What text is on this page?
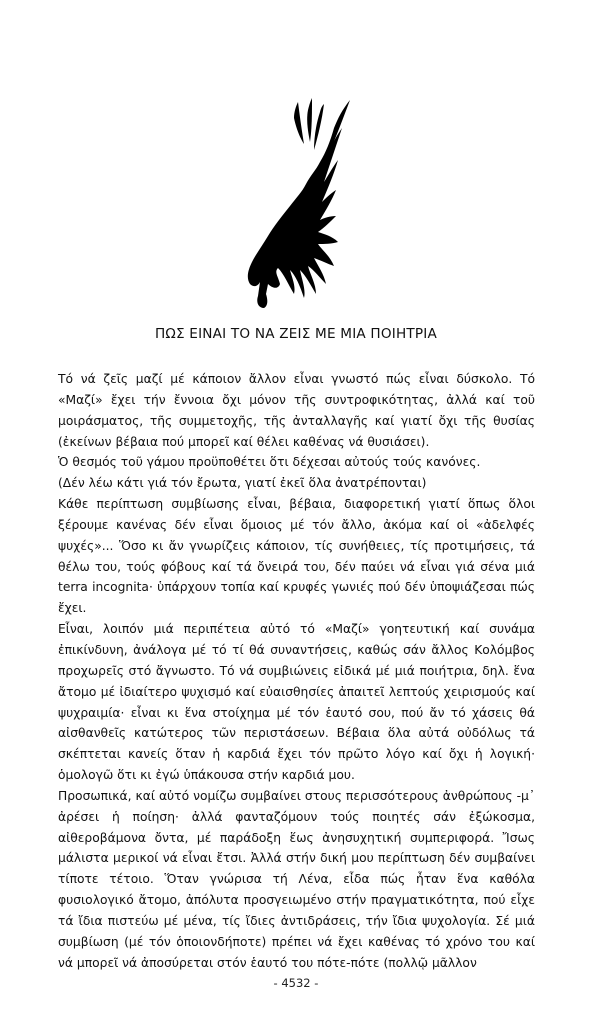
ΠΩΣ ΕΙΝΑΙ ΤΟ ΝΑ ΖΕΙΣ ΜΕ ΜΙΑ ΠΟΙΗΤΡΙΑ

Τό νά ζεῖς μαζί μέ κάποιον ἄλλον εἶναι γνωστό πώς εἶναι δύσκολο. Τό «Μαζί» ἔχει τήν ἔννοια ὄχι μόνον τῆς συντροφικότητας, ἀλλά καί τοῦ μοιράσματος, τῆς συμμετοχῆς, τῆς ἀνταλλαγῆς καί γιατί ὄχι τῆς θυσίας (ἐκείνων βέβαια πού μπορεῖ καί θέλει καθένας νά θυσιάσει).

Ὁ θεσμός τοῦ γάμου προϋποθέτει ὅτι δέχεσαι αὐτούς τούς κανόνες.

(Δέν λέω κάτι γιά τόν ἔρωτα, γιατί ἐκεῖ ὅλα ἀνατρέπονται)

Κάθε περίπτωση συμβίωσης εἶναι, βέβαια, διαφορετική γιατί ὅπως ὅλοι ξέρουμε κανένας δέν εἶναι ὅμοιος μέ τόν ἄλλο, ἀκόμα καί οἱ «ἀδελφές ψυχές»... Ὅσο κι ἄν γνωρίζεις κάποιον, τίς συνήθειες, τίς προτιμήσεις, τά θέλω του, τούς φόβους καί τά ὄνειρά του, δέν παύει νά εἶναι γιά σένα μιά terra incognita· ὑπάρχουν τοπία καί κρυφές γωνιές πού δέν ὑποψιάζεσαι πώς ἔχει.

Εἶναι, λοιπόν μιά περιπέτεια αὐτό τό «Μαζί» γοητευτική καί συνάμα ἐπικίνδυνη, ἀνάλογα μέ τό τί θά συναντήσεις, καθώς σάν ἄλλος Κολόμβος προχωρεῖς στό ἄγνωστο. Τό νά συμβιώνεις εἰδικά μέ μιά ποιήτρια, δηλ. ἕνα ἄτομο μέ ἰδιαίτερο ψυχισμό καί εὐαισθησίες ἀπαιτεῖ λεπτούς χειρισμούς καί ψυχραιμία· εἶναι κι ἕνα στοίχημα μέ τόν ἑαυτό σου, πού ἄν τό χάσεις θά αἰσθανθεῖς κατώτερος τῶν περιστάσεων. Βέβαια ὅλα αὐτά οὐδόλως τά σκέπτεται κανείς ὅταν ἡ καρδιά ἔχει τόν πρῶτο λόγο καί ὄχι ἡ λογική· ὁμολογῶ ὅτι κι ἐγώ ὑπάκουσα στήν καρδιά μου.

Προσωπικά, καί αὐτό νομίζω συμβαίνει στους περισσότερους ἀνθρώπους -μ᾽ ἀρέσει ἡ ποίηση· ἀλλά φανταζόμουν τούς ποιητές σάν ἐξώκοσμα, αἰθεροβάμονα ὄντα, μέ παράδοξη ἕως ἀνησυχητική συμπεριφορά. Ἴσως μάλιστα μερικοί νά εἶναι ἔτσι. Ἀλλά στήν δική μου περίπτωση δέν συμβαίνει τίποτε τέτοιο. Ὅταν γνώρισα τή Λένα, εἶδα πώς ἦταν ἕνα καθόλα φυσιολογικό ἄτομο, ἀπόλυτα προσγειωμένο στήν πραγματικότητα, πού εἶχε τά ἴδια πιστεύω μέ μένα, τίς ἴδιες ἀντιδράσεις, τήν ἴδια ψυχολογία. Σέ μιά συμβίωση (μέ τόν ὁποιονδήποτε) πρέπει νά ἔχει καθένας τό χρόνο του καί νά μπορεῖ νά ἀποσύρεται στόν ἑαυτό του πότε-πότε (πολλῷ μᾶλλον

- 4532 -
